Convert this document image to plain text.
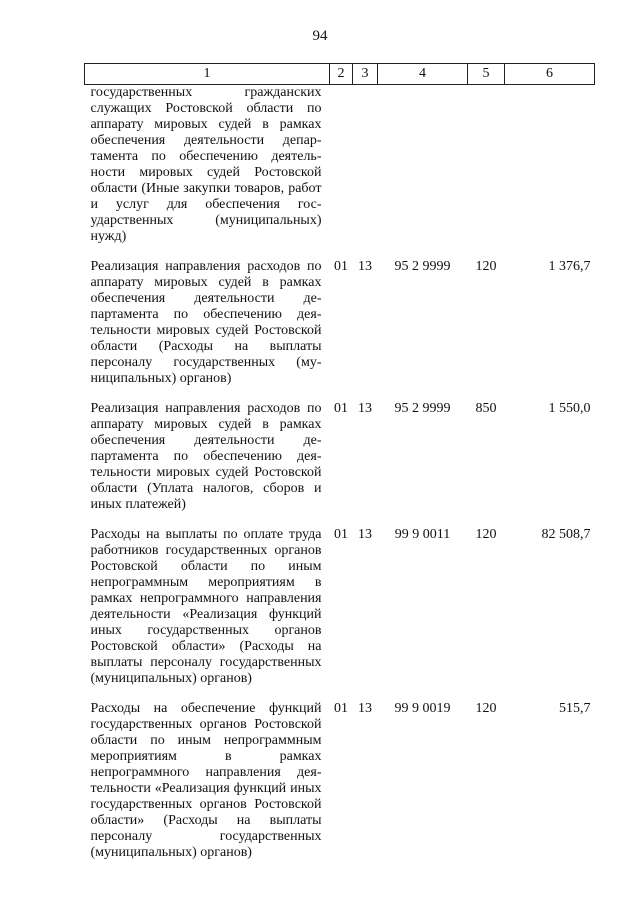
94
1	2	3	4	5	6
государственных гражданских служащих Ростовской области по аппарату мировых судей в рамках обеспечения деятельности департамента по обеспечению деятельности мировых судей Ростовской области (Иные закупки товаров, работ и услуг для обеспечения государственных (муниципальных) нужд)					
Реализация направления расходов по аппарату мировых судей в рамках обеспечения деятельности департамента по обеспечению деятельности мировых судей Ростовской области (Расходы на выплаты персоналу государственных (муниципальных) органов)	01	13	95 2 9999	120	1 376,7
Реализация направления расходов по аппарату мировых судей в рамках обеспечения деятельности департамента по обеспечению деятельности мировых судей Ростовской области (Уплата налогов, сборов и иных платежей)	01	13	95 2 9999	850	1 550,0
Расходы на выплаты по оплате труда работников государственных органов Ростовской области по иным непрограммным мероприятиям в рамках непрограммного направления деятельности «Реализация функций иных государственных органов Ростовской области» (Расходы на выплаты персоналу государственных (муниципальных) органов)	01	13	99 9 0011	120	82 508,7
Расходы на обеспечение функций государственных органов Ростовской области по иным непрограммным мероприятиям в рамках непрограммного направления деятельности «Реализация функций иных государственных органов Ростовской области» (Расходы на выплаты персоналу государственных (муниципальных) органов)	01	13	99 9 0019	120	515,7
